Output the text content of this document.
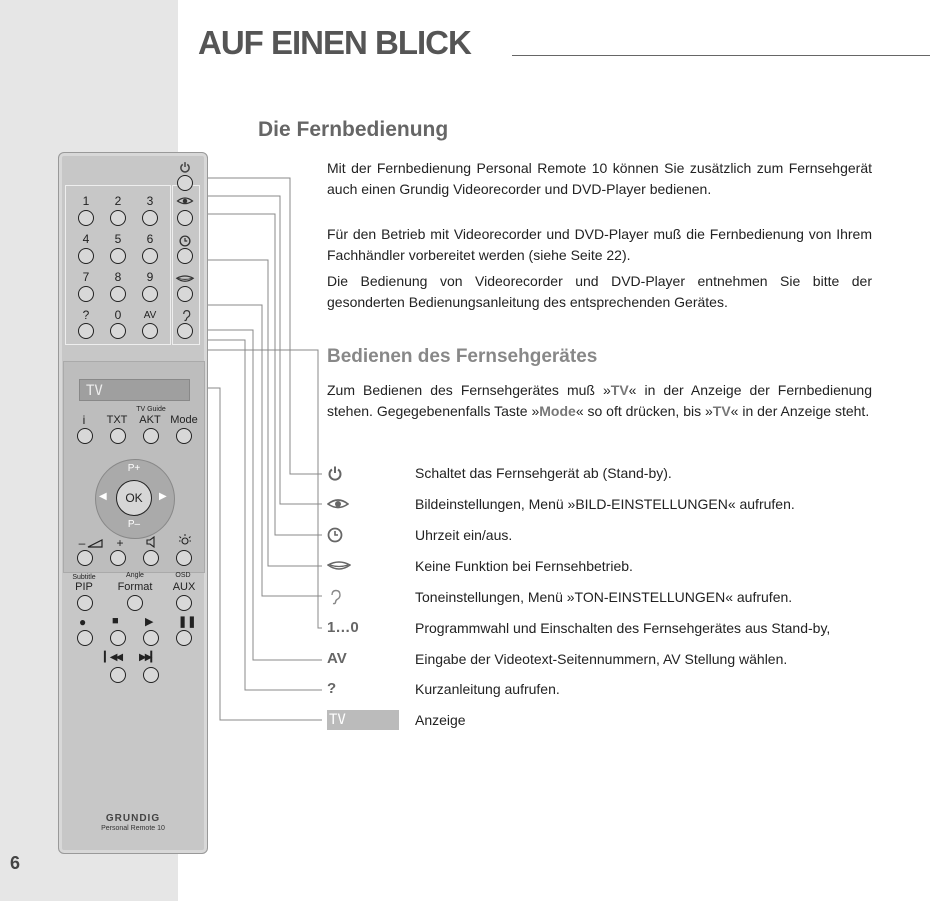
6
AUF EINEN BLICK
Die Fernbedienung

Mit der Fernbedienung Personal Remote 10 können Sie zusätzlich zum Fernsehgerät auch einen Grundig Videorecorder und DVD-Player bedienen.

Für den Betrieb mit Videorecorder und DVD-Player muß die Fernbedienung von Ihrem Fachhändler vorbereitet werden (siehe Seite 22).

Die Bedienung von Videorecorder und DVD-Player entnehmen Sie bitte der gesonderten Bedienungsanleitung des entsprechenden Gerätes.

Bedienen des Fernsehgerätes

Zum Bedienen des Fernsehgerätes muß »TV« in der Anzeige der Fernbedienung stehen. Gegegebenenfalls Taste »Mode« so oft drücken, bis »TV« in der Anzeige steht.

Schaltet das Fernsehgerät ab (Stand-by).
Bildeinstellungen, Menü »BILD-EINSTELLUNGEN« aufrufen.
Uhrzeit ein/aus.
Keine Funktion bei Fernsehbetrieb.
Toneinstellungen, Menü »TON-EINSTELLUNGEN« aufrufen.
1…0	Programmwahl und Einschalten des Fernsehgerätes aus Stand-by,
AV	Eingabe der Videotext-Seitennummern, AV Stellung wählen.
?	Kurzanleitung aufrufen.
TV	Anzeige
1	2	3
4	5	6
7	8	9
?	0	AV
TV
TV Guide
i	TXT	AKT Mode
P+
P–
◀	▶
OK
–	+
Subtitle	Angle	OSD
PIP	Format	AUX
● ■ ▶ ❚❚
▎◀◀ ▶▶▎
GRUNDIG
Personal Remote 10
